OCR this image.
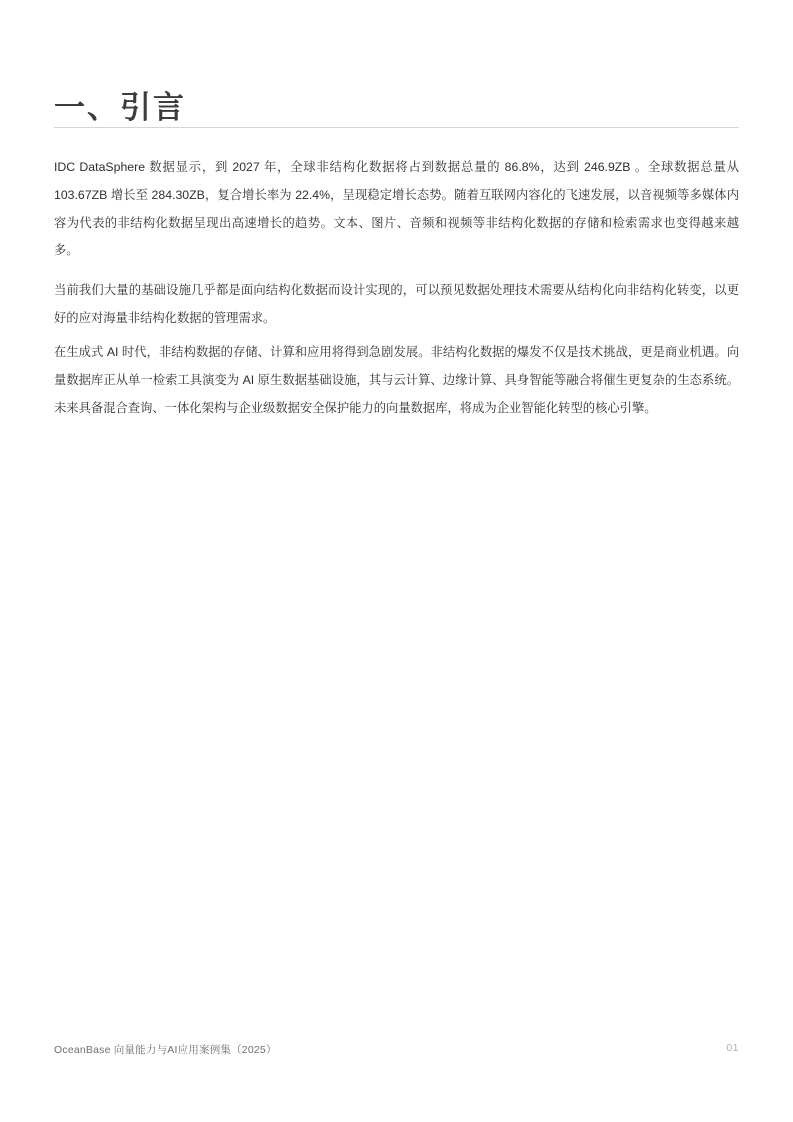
一、引言

IDC DataSphere 数据显示，到 2027 年，全球非结构化数据将占到数据总量的 86.8%，达到 246.9ZB 。全球数据总量从 103.67ZB 增长至 284.30ZB，复合增长率为 22.4%，呈现稳定增长态势。随着互联网内容化的飞速发展，以音视频等多媒体内容为代表的非结构化数据呈现出高速增长的趋势。文本、图片、音频和视频等非结构化数据的存储和检索需求也变得越来越多。

当前我们大量的基础设施几乎都是面向结构化数据而设计实现的，可以预见数据处理技术需要从结构化向非结构化转变，以更好的应对海量非结构化数据的管理需求。

在生成式 AI 时代，非结构数据的存储、计算和应用将得到急剧发展。非结构化数据的爆发不仅是技术挑战，更是商业机遇。向量数据库正从单一检索工具演变为 AI 原生数据基础设施，其与云计算、边缘计算、具身智能等融合将催生更复杂的生态系统。未来具备混合查询、一体化架构与企业级数据安全保护能力的向量数据库，将成为企业智能化转型的核心引擎。

OceanBase 向量能力与AI应用案例集（2025）	01
